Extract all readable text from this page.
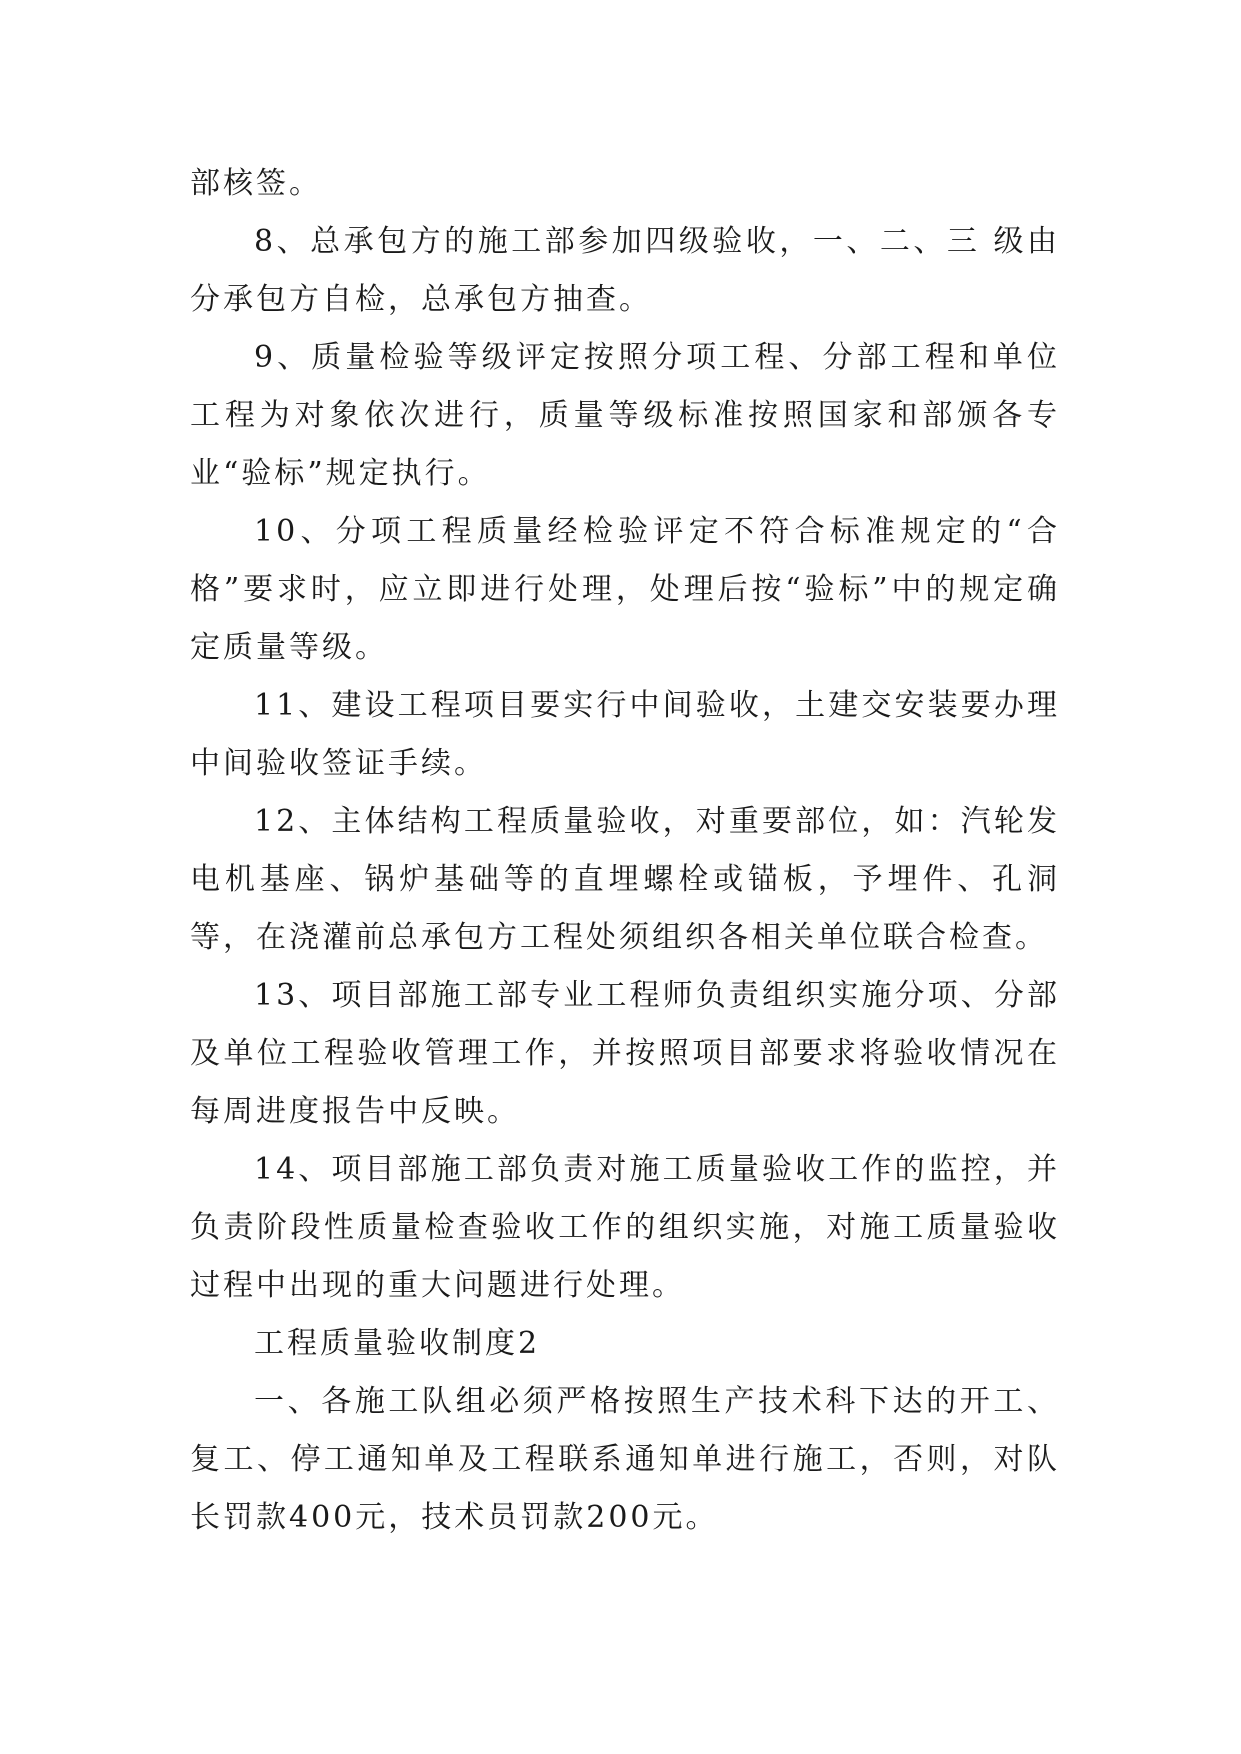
部核签。

8、总承包方的施工部参加四级验收，一、二、三 级由分承包方自检，总承包方抽查。

9、质量检验等级评定按照分项工程、分部工程和单位工程为对象依次进行，质量等级标准按照国家和部颁各专业“验标”规定执行。

10、分项工程质量经检验评定不符合标准规定的“合格”要求时，应立即进行处理，处理后按“验标”中的规定确定质量等级。

11、建设工程项目要实行中间验收，土建交安装要办理中间验收签证手续。

12、主体结构工程质量验收，对重要部位，如：汽轮发电机基座、锅炉基础等的直埋螺栓或锚板，予埋件、孔洞等，在浇灌前总承包方工程处须组织各相关单位联合检查。

13、项目部施工部专业工程师负责组织实施分项、分部及单位工程验收管理工作，并按照项目部要求将验收情况在每周进度报告中反映。

14、项目部施工部负责对施工质量验收工作的监控，并负责阶段性质量检查验收工作的组织实施，对施工质量验收过程中出现的重大问题进行处理。

工程质量验收制度2

一、各施工队组必须严格按照生产技术科下达的开工、复工、停工通知单及工程联系通知单进行施工，否则，对队长罚款400元，技术员罚款200元。
